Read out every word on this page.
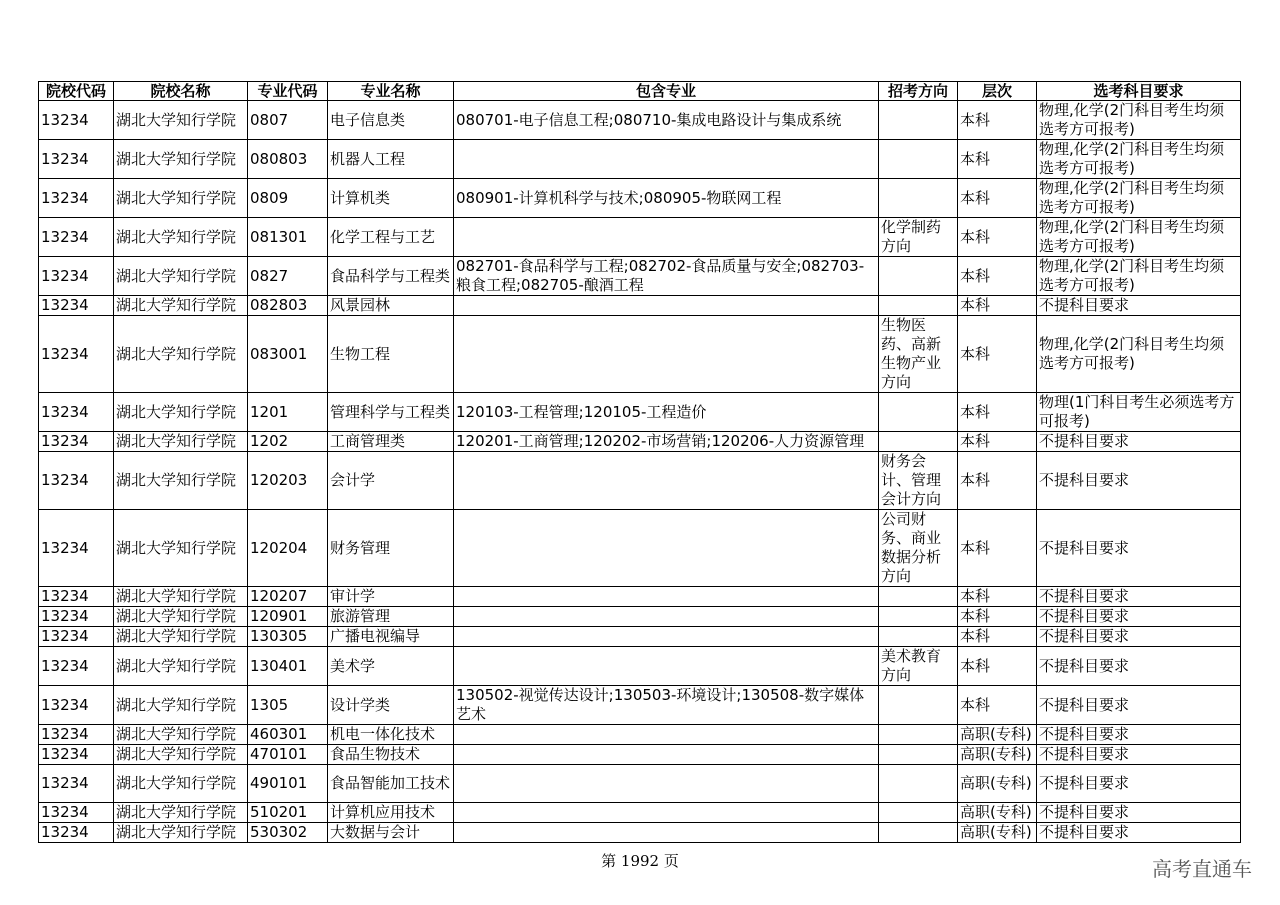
院校代码	院校名称	专业代码	专业名称	包含专业	招考方向	层次	选考科目要求
13234	湖北大学知行学院	0807	电子信息类	080701-电子信息工程;080710-集成电路设计与集成系统		本科	物理,化学(2门科目考生均须选考方可报考)
13234	湖北大学知行学院	080803	机器人工程			本科	物理,化学(2门科目考生均须选考方可报考)
13234	湖北大学知行学院	0809	计算机类	080901-计算机科学与技术;080905-物联网工程		本科	物理,化学(2门科目考生均须选考方可报考)
13234	湖北大学知行学院	081301	化学工程与工艺		化学制药方向	本科	物理,化学(2门科目考生均须选考方可报考)
13234	湖北大学知行学院	0827	食品科学与工程类	082701-食品科学与工程;082702-食品质量与安全;082703-粮食工程;082705-酿酒工程		本科	物理,化学(2门科目考生均须选考方可报考)
13234	湖北大学知行学院	082803	风景园林			本科	不提科目要求
13234	湖北大学知行学院	083001	生物工程		生物医药、高新生物产业方向	本科	物理,化学(2门科目考生均须选考方可报考)
13234	湖北大学知行学院	1201	管理科学与工程类	120103-工程管理;120105-工程造价		本科	物理(1门科目考生必须选考方可报考)
13234	湖北大学知行学院	1202	工商管理类	120201-工商管理;120202-市场营销;120206-人力资源管理		本科	不提科目要求
13234	湖北大学知行学院	120203	会计学		财务会计、管理会计方向	本科	不提科目要求
13234	湖北大学知行学院	120204	财务管理		公司财务、商业数据分析方向	本科	不提科目要求
13234	湖北大学知行学院	120207	审计学			本科	不提科目要求
13234	湖北大学知行学院	120901	旅游管理			本科	不提科目要求
13234	湖北大学知行学院	130305	广播电视编导			本科	不提科目要求
13234	湖北大学知行学院	130401	美术学		美术教育方向	本科	不提科目要求
13234	湖北大学知行学院	1305	设计学类	130502-视觉传达设计;130503-环境设计;130508-数字媒体艺术		本科	不提科目要求
13234	湖北大学知行学院	460301	机电一体化技术			高职(专科)	不提科目要求
13234	湖北大学知行学院	470101	食品生物技术			高职(专科)	不提科目要求
13234	湖北大学知行学院	490101	食品智能加工技术			高职(专科)	不提科目要求
13234	湖北大学知行学院	510201	计算机应用技术			高职(专科)	不提科目要求
13234	湖北大学知行学院	530302	大数据与会计			高职(专科)	不提科目要求
第 1992 页	高考直通车
